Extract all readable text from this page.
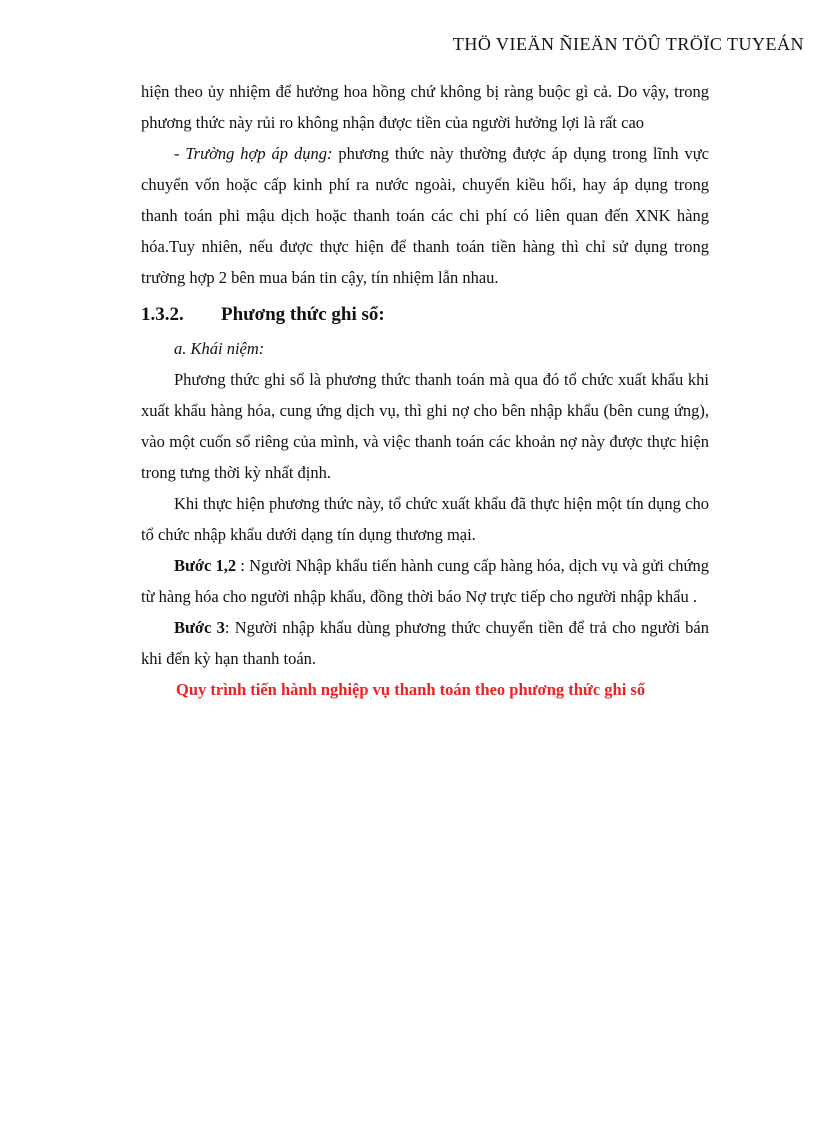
THÖ VIEÄN ÑIEÄN TÖÛ TRÖÏC TUYEÁN

hiện theo ủy nhiệm để hưởng hoa hồng chứ không bị ràng buộc gì cả. Do vậy, trong phương thức này rủi ro không nhận được tiền của người hưởng lợi là rất cao

- Trường hợp áp dụng: phương thức này thường được áp dụng trong lĩnh vực chuyển vốn hoặc cấp kinh phí ra nước ngoài, chuyển kiều hối, hay áp dụng trong thanh toán phi mậu dịch hoặc thanh toán các chi phí có liên quan đến XNK hàng hóa.Tuy nhiên, nếu được thực hiện để thanh toán tiền hàng thì chỉ sử dụng trong trường hợp 2 bên mua bán tin cậy, tín nhiệm lẫn nhau.

1.3.2. Phương thức ghi sổ:

a. Khái niệm:

Phương thức ghi sổ là phương thức thanh toán mà qua đó tổ chức xuất khẩu khi xuất khẩu hàng hóa, cung ứng dịch vụ, thì ghi nợ cho bên nhập khẩu (bên cung ứng), vào một cuốn sổ riêng của mình, và việc thanh toán các khoản nợ này được thực hiện trong tưng thời kỳ nhất định.

Khi thực hiện phương thức này, tổ chức xuất khẩu đã thực hiện một tín dụng cho tổ chức nhập khẩu dưới dạng tín dụng thương mại.

Bước 1,2 : Người Nhập khẩu tiến hành cung cấp hàng hóa, dịch vụ và gửi chứng từ hàng hóa cho người nhập khẩu, đồng thời báo Nợ trực tiếp cho người nhập khẩu .

Bước 3: Người nhập khẩu dùng phương thức chuyển tiền để trả cho người bán khi đến kỳ hạn thanh toán.

Quy trình tiến hành nghiệp vụ thanh toán theo phương thức ghi sổ
